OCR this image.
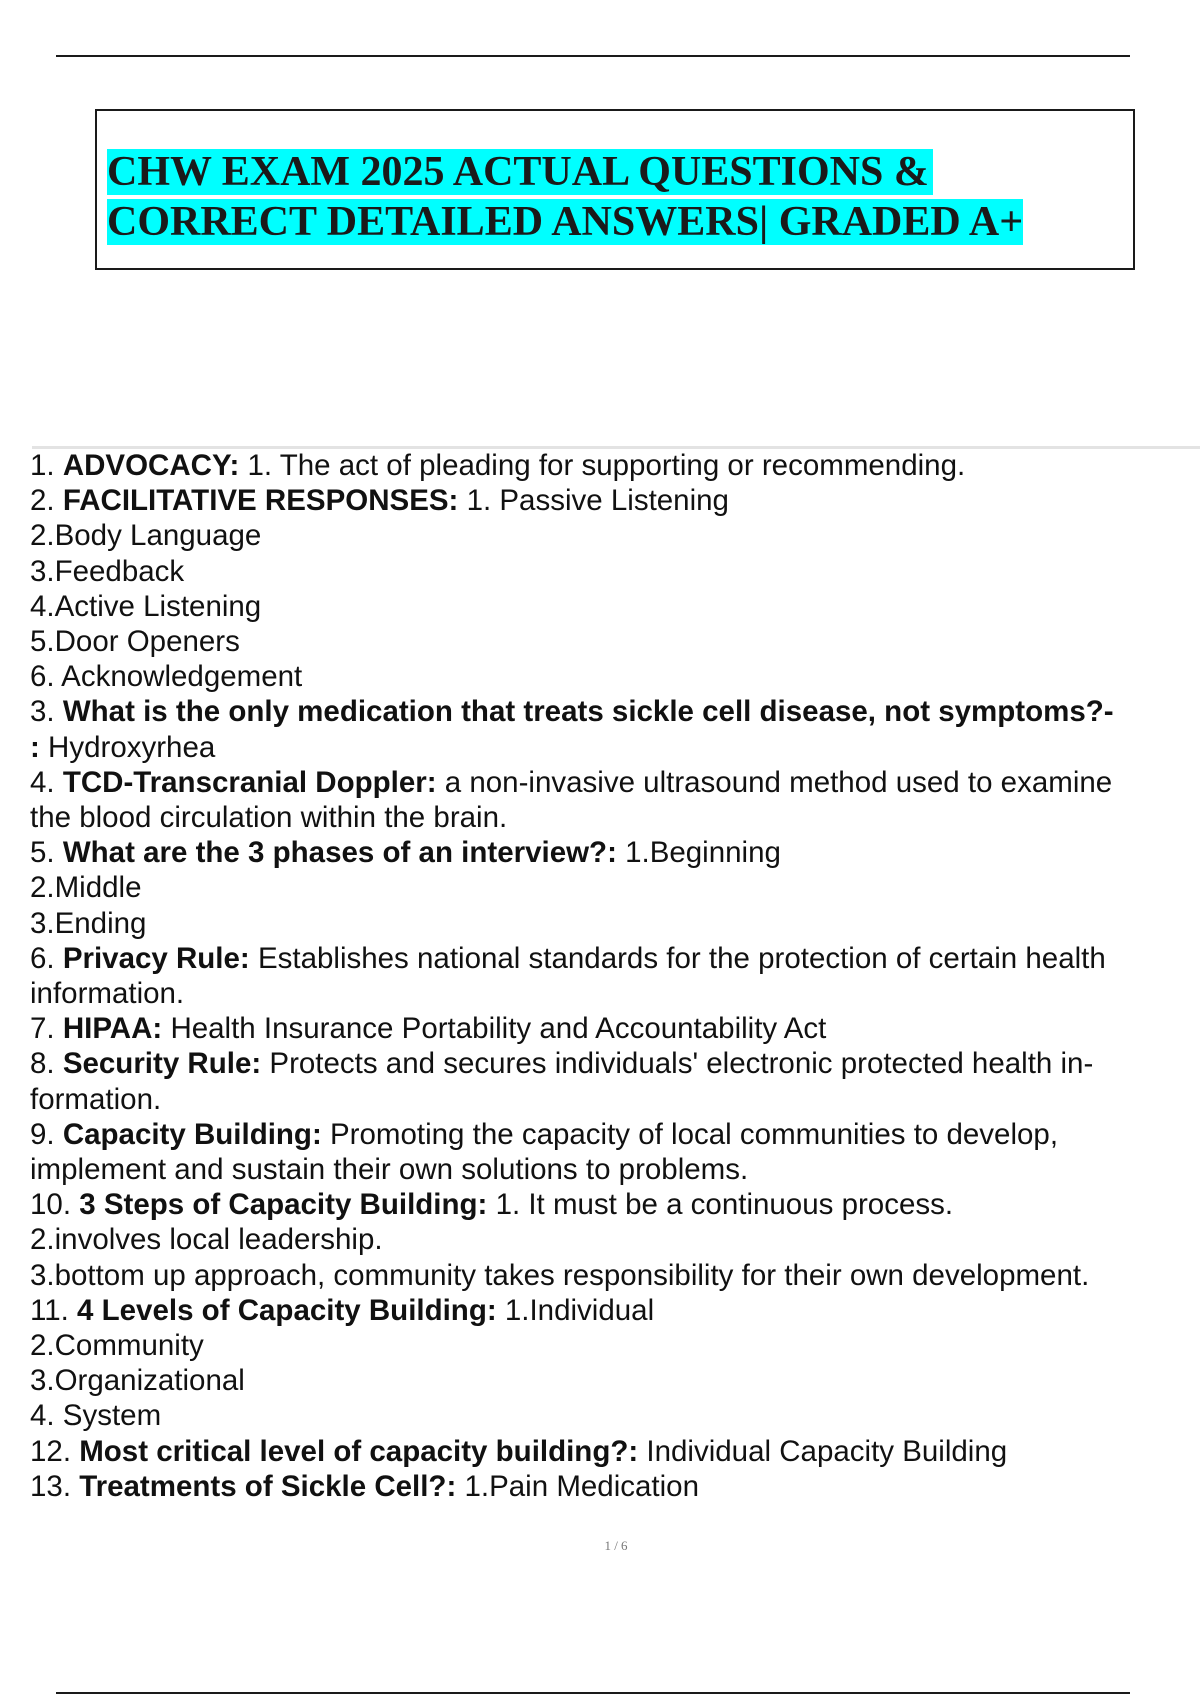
CHW EXAM 2025 ACTUAL QUESTIONS &
CORRECT DETAILED ANSWERS| GRADED A+
1. ADVOCACY: 1. The act of pleading for supporting or recommending.
2. FACILITATIVE RESPONSES: 1. Passive Listening
2.Body Language
3.Feedback
4.Active Listening
5.Door Openers
6. Acknowledgement
3. What is the only medication that treats sickle cell disease, not symptoms?-
: Hydroxyrhea
4. TCD-Transcranial Doppler: a non-invasive ultrasound method used to examine
the blood circulation within the brain.
5. What are the 3 phases of an interview?: 1.Beginning
2.Middle
3.Ending
6. Privacy Rule: Establishes national standards for the protection of certain health
information.
7. HIPAA: Health Insurance Portability and Accountability Act
8. Security Rule: Protects and secures individuals' electronic protected health in-
formation.
9. Capacity Building: Promoting the capacity of local communities to develop,
implement and sustain their own solutions to problems.
10. 3 Steps of Capacity Building: 1. It must be a continuous process.
2.involves local leadership.
3.bottom up approach, community takes responsibility for their own development.
11. 4 Levels of Capacity Building: 1.Individual
2.Community
3.Organizational
4. System
12. Most critical level of capacity building?: Individual Capacity Building
13. Treatments of Sickle Cell?: 1.Pain Medication
1 / 6
